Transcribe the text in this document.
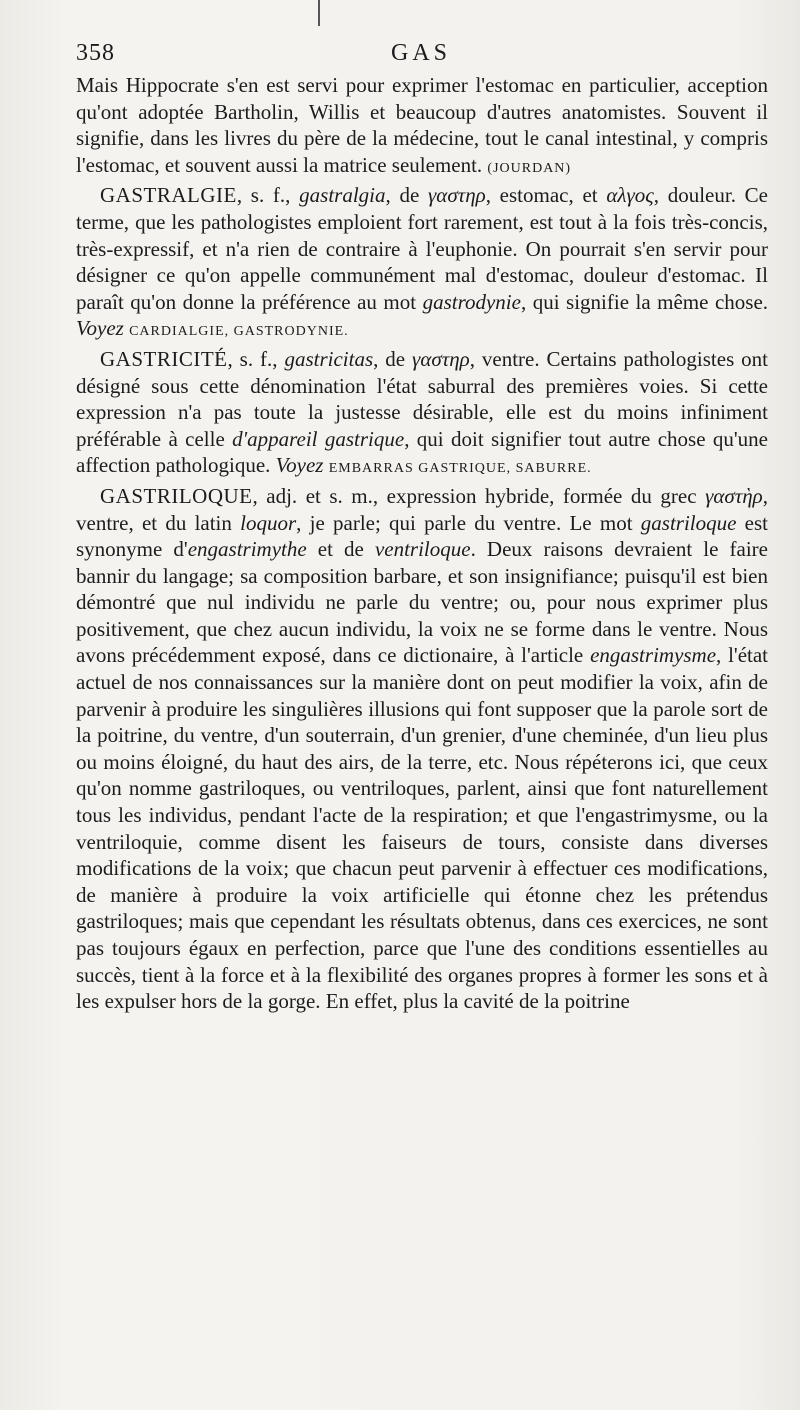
358	GAS

Mais Hippocrate s'en est servi pour exprimer l'estomac en particulier, acception qu'ont adoptée Bartholin, Willis et beaucoup d'autres anatomistes. Souvent il signifie, dans les livres du père de la médecine, tout le canal intestinal, y compris l'estomac, et souvent aussi la matrice seulement. (JOURDAN)

GASTRALGIE, s. f., gastralgia, de γαστηρ, estomac, et αλγος, douleur. Ce terme, que les pathologistes emploient fort rarement, est tout à la fois très-concis, très-expressif, et n'a rien de contraire à l'euphonie. On pourrait s'en servir pour désigner ce qu'on appelle communément mal d'estomac, douleur d'estomac. Il paraît qu'on donne la préférence au mot gastrodynie, qui signifie la même chose. Voyez CARDIALGIE, GASTRODYNIE.

GASTRICITÉ, s. f., gastricitas, de γαστηρ, ventre. Certains pathologistes ont désigné sous cette dénomination l'état saburral des premières voies. Si cette expression n'a pas toute la justesse désirable, elle est du moins infiniment préférable à celle d'appareil gastrique, qui doit signifier tout autre chose qu'une affection pathologique. Voyez EMBARRAS GASTRIQUE, SABURRE.

GASTRILOQUE, adj. et s. m., expression hybride, formée du grec γαστὴρ, ventre, et du latin loquor, je parle; qui parle du ventre. Le mot gastriloque est synonyme d'engastrimythe et de ventriloque. Deux raisons devraient le faire bannir du langage; sa composition barbare, et son insignifiance; puisqu'il est bien démontré que nul individu ne parle du ventre; ou, pour nous exprimer plus positivement, que chez aucun individu, la voix ne se forme dans le ventre. Nous avons précédemment exposé, dans ce dictionaire, à l'article engastrimysme, l'état actuel de nos connaissances sur la manière dont on peut modifier la voix, afin de parvenir à produire les singulières illusions qui font supposer que la parole sort de la poitrine, du ventre, d'un souterrain, d'un grenier, d'une cheminée, d'un lieu plus ou moins éloigné, du haut des airs, de la terre, etc. Nous répéterons ici, que ceux qu'on nomme gastriloques, ou ventriloques, parlent, ainsi que font naturellement tous les individus, pendant l'acte de la respiration; et que l'engastrimysme, ou la ventriloquie, comme disent les faiseurs de tours, consiste dans diverses modifications de la voix; que chacun peut parvenir à effectuer ces modifications, de manière à produire la voix artificielle qui étonne chez les prétendus gastriloques; mais que cependant les résultats obtenus, dans ces exercices, ne sont pas toujours égaux en perfection, parce que l'une des conditions essentielles au succès, tient à la force et à la flexibilité des organes propres à former les sons et à les expulser hors de la gorge. En effet, plus la cavité de la poitrine
